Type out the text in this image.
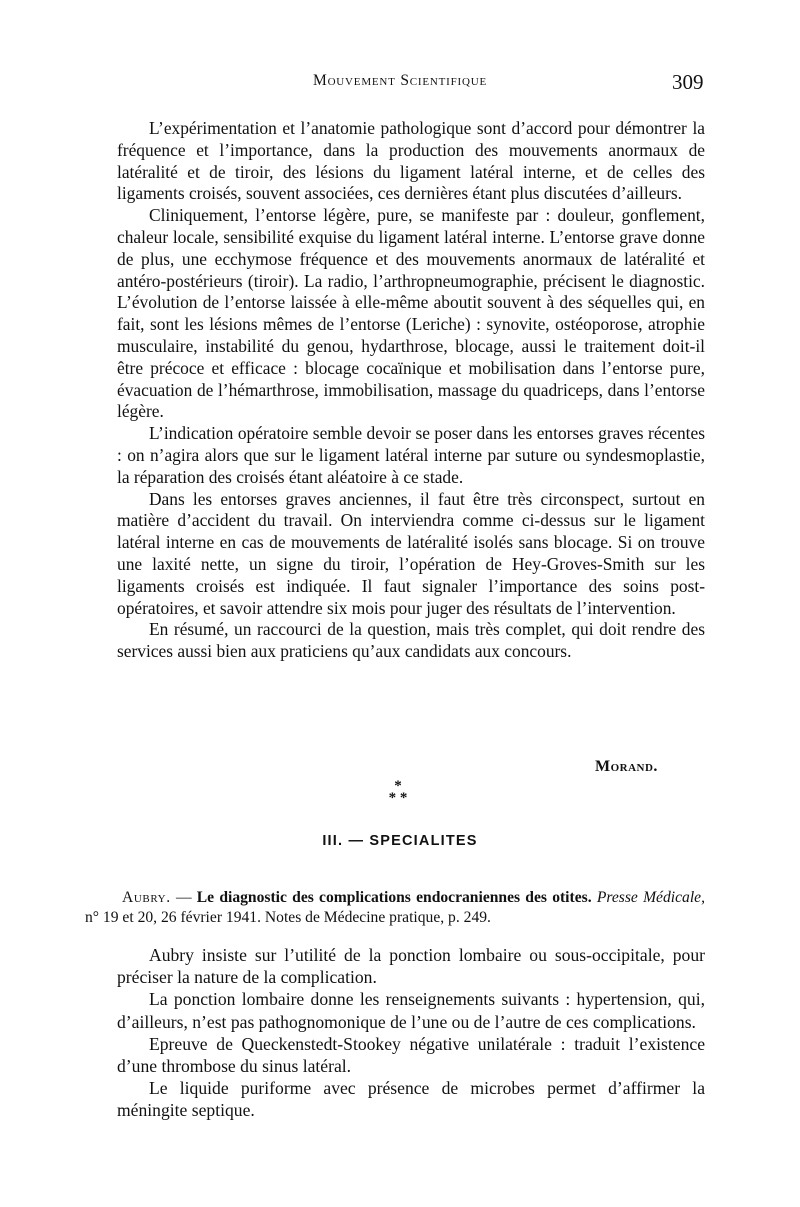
Mouvement Scientifique	309

L’expérimentation et l’anatomie pathologique sont d’accord pour démontrer la fréquence et l’importance, dans la production des mouvements anormaux de latéralité et de tiroir, des lésions du ligament latéral interne, et de celles des ligaments croisés, souvent associées, ces dernières étant plus discutées d’ailleurs.

Cliniquement, l’entorse légère, pure, se manifeste par : douleur, gonflement, chaleur locale, sensibilité exquise du ligament latéral interne. L’entorse grave donne de plus, une ecchymose fréquence et des mouvements anormaux de latéralité et antéro-postérieurs (tiroir). La radio, l’arthropneumographie, précisent le diagnostic. L’évolution de l’entorse laissée à elle-même aboutit souvent à des séquelles qui, en fait, sont les lésions mêmes de l’entorse (Leriche) : synovite, ostéoporose, atrophie musculaire, instabilité du genou, hydarthrose, blocage, aussi le traitement doit-il être précoce et efficace : blocage cocaïnique et mobilisation dans l’entorse pure, évacuation de l’hémarthrose, immobilisation, massage du quadriceps, dans l’entorse légère.

L’indication opératoire semble devoir se poser dans les entorses graves récentes : on n’agira alors que sur le ligament latéral interne par suture ou syndesmoplastie, la réparation des croisés étant aléatoire à ce stade.

Dans les entorses graves anciennes, il faut être très circonspect, surtout en matière d’accident du travail. On interviendra comme ci-dessus sur le ligament latéral interne en cas de mouvements de latéralité isolés sans blocage. Si on trouve une laxité nette, un signe du tiroir, l’opération de Hey-Groves-Smith sur les ligaments croisés est indiquée. Il faut signaler l’importance des soins post-opératoires, et savoir attendre six mois pour juger des résultats de l’intervention.

En résumé, un raccourci de la question, mais très complet, qui doit rendre des services aussi bien aux praticiens qu’aux candidats aux concours.

Morand.
*
* *
III. — SPECIALITES
Aubry. — Le diagnostic des complications endocraniennes des otites. Presse Médicale, n° 19 et 20, 26 février 1941. Notes de Médecine pratique, p. 249.

Aubry insiste sur l’utilité de la ponction lombaire ou sous-occipitale, pour préciser la nature de la complication.

La ponction lombaire donne les renseignements suivants : hypertension, qui, d’ailleurs, n’est pas pathognomonique de l’une ou de l’autre de ces complications.

Epreuve de Queckenstedt-Stookey négative unilatérale : traduit l’existence d’une thrombose du sinus latéral.

Le liquide puriforme avec présence de microbes permet d’affirmer la méningite septique.
